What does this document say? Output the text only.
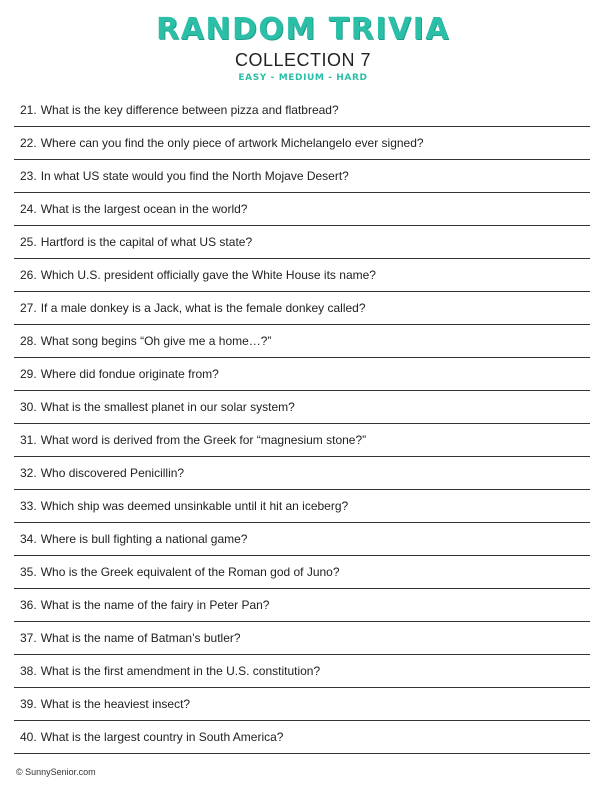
RANDOM TRIVIA
COLLECTION 7
EASY - MEDIUM - HARD
21. What is the key difference between pizza and flatbread?
22. Where can you find the only piece of artwork Michelangelo ever signed?
23. In what US state would you find the North Mojave Desert?
24. What is the largest ocean in the world?
25. Hartford is the capital of what US state?
26. Which U.S. president officially gave the White House its name?
27. If a male donkey is a Jack, what is the female donkey called?
28. What song begins “Oh give me a home…?”
29. Where did fondue originate from?
30. What is the smallest planet in our solar system?
31. What word is derived from the Greek for “magnesium stone?”
32. Who discovered Penicillin?
33. Which ship was deemed unsinkable until it hit an iceberg?
34. Where is bull fighting a national game?
35. Who is the Greek equivalent of the Roman god of Juno?
36. What is the name of the fairy in Peter Pan?
37. What is the name of Batman’s butler?
38. What is the first amendment in the U.S. constitution?
39. What is the heaviest insect?
40. What is the largest country in South America?
© SunnySenior.com
